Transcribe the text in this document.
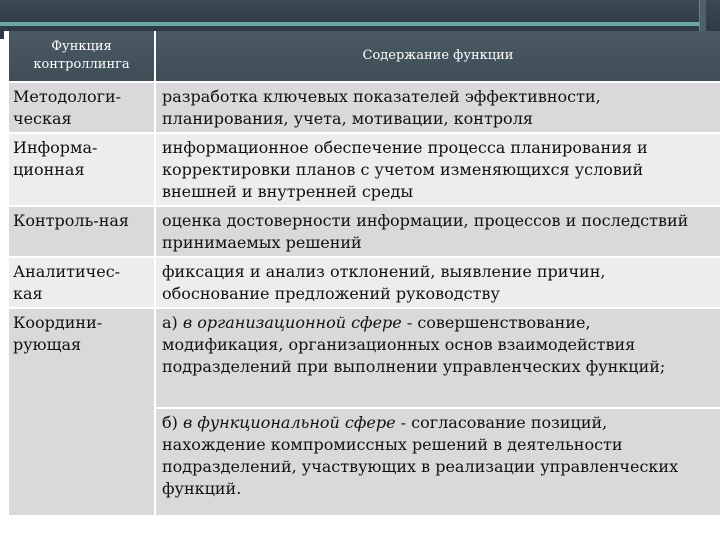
Функция контроллинга	Содержание функции
Методологи-ческая	разработка ключевых показателей эффективности, планирования, учета, мотивации, контроля
Информа-ционная	информационное обеспечение процесса планирования и корректировки планов с учетом изменяющихся условий внешней и внутренней среды
Контроль-ная	оценка достоверности информации, процессов и последствий принимаемых решений
Аналитичес-кая	фиксация и анализ отклонений, выявление причин, обоснование предложений руководству
Координи-рующая	а) в организационной сфере - совершенствование, модификация, организационных основ взаимодействия подразделений при выполнении управленческих функций;
	б) в функциональной сфере - согласование позиций, нахождение компромиссных решений в деятельности подразделений, участвующих в реализации управленческих функций.
